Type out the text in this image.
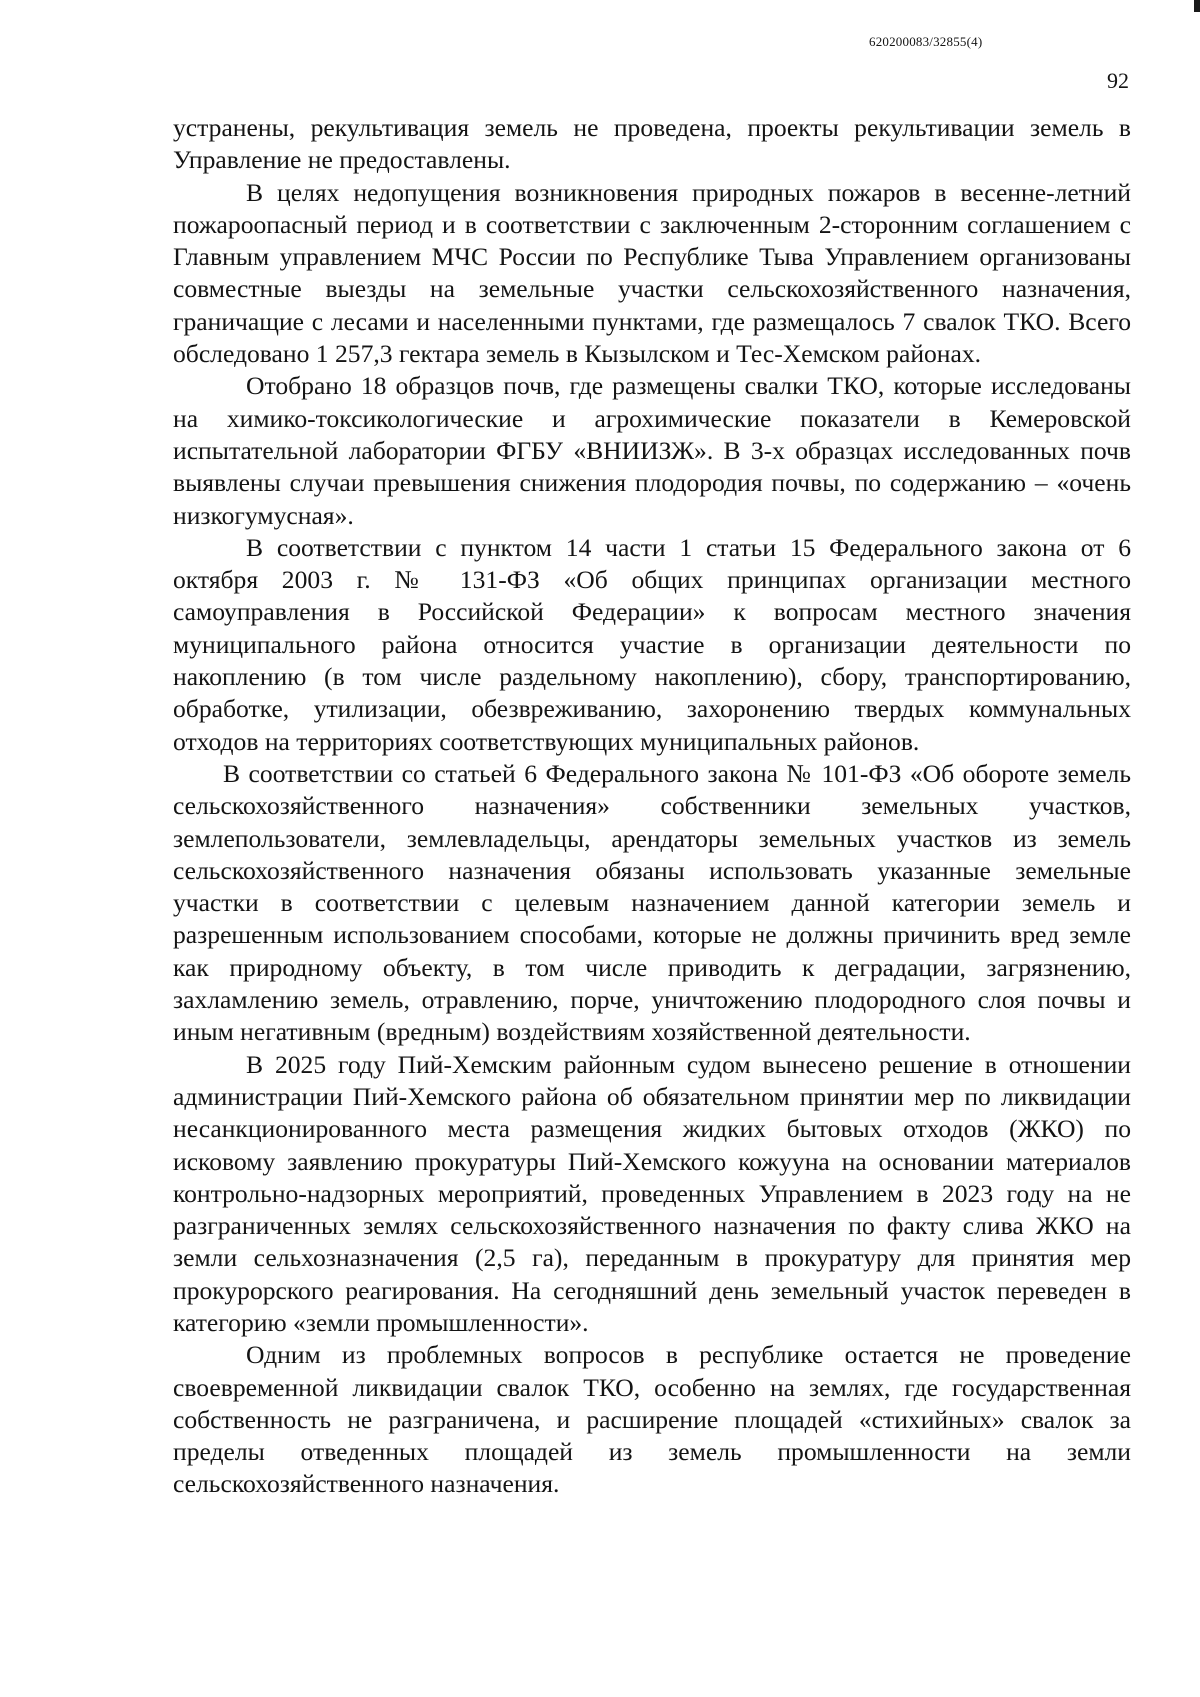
620200083/32855(4)
92

устранены, рекультивация земель не проведена, проекты рекультивации земель в Управление не предоставлены.

В целях недопущения возникновения природных пожаров в весенне-летний пожароопасный период и в соответствии с заключенным 2-сторонним соглашением с Главным управлением МЧС России по Республике Тыва Управлением организованы совместные выезды на земельные участки сельскохозяйственного назначения, граничащие с лесами и населенными пунктами, где размещалось 7 свалок ТКО. Всего обследовано 1 257,3 гектара земель в Кызылском и Тес-Хемском районах.

Отобрано 18 образцов почв, где размещены свалки ТКО, которые исследованы на химико-токсикологические и агрохимические показатели в Кемеровской испытательной лаборатории ФГБУ «ВНИИЗЖ». В 3-х образцах исследованных почв выявлены случаи превышения снижения плодородия почвы, по содержанию – «очень низкогумусная».

В соответствии с пунктом 14 части 1 статьи 15 Федерального закона от 6 октября 2003 г. № 131-ФЗ «Об общих принципах организации местного самоуправления в Российской Федерации» к вопросам местного значения муниципального района относится участие в организации деятельности по накоплению (в том числе раздельному накоплению), сбору, транспортированию, обработке, утилизации, обезвреживанию, захоронению твердых коммунальных отходов на территориях соответствующих муниципальных районов.

В соответствии со статьей 6 Федерального закона № 101-ФЗ «Об обороте земель сельскохозяйственного назначения» собственники земельных участков, землепользователи, землевладельцы, арендаторы земельных участков из земель сельскохозяйственного назначения обязаны использовать указанные земельные участки в соответствии с целевым назначением данной категории земель и разрешенным использованием способами, которые не должны причинить вред земле как природному объекту, в том числе приводить к деградации, загрязнению, захламлению земель, отравлению, порче, уничтожению плодородного слоя почвы и иным негативным (вредным) воздействиям хозяйственной деятельности.

В 2025 году Пий-Хемским районным судом вынесено решение в отношении администрации Пий-Хемского района об обязательном принятии мер по ликвидации несанкционированного места размещения жидких бытовых отходов (ЖКО) по исковому заявлению прокуратуры Пий-Хемского кожууна на основании материалов контрольно-надзорных мероприятий, проведенных Управлением в 2023 году на не разграниченных землях сельскохозяйственного назначения по факту слива ЖКО на земли сельхозназначения (2,5 га), переданным в прокуратуру для принятия мер прокурорского реагирования. На сегодняшний день земельный участок переведен в категорию «земли промышленности».

Одним из проблемных вопросов в республике остается не проведение своевременной ликвидации свалок ТКО, особенно на землях, где государственная собственность не разграничена, и расширение площадей «стихийных» свалок за пределы отведенных площадей из земель промышленности на земли сельскохозяйственного назначения.
